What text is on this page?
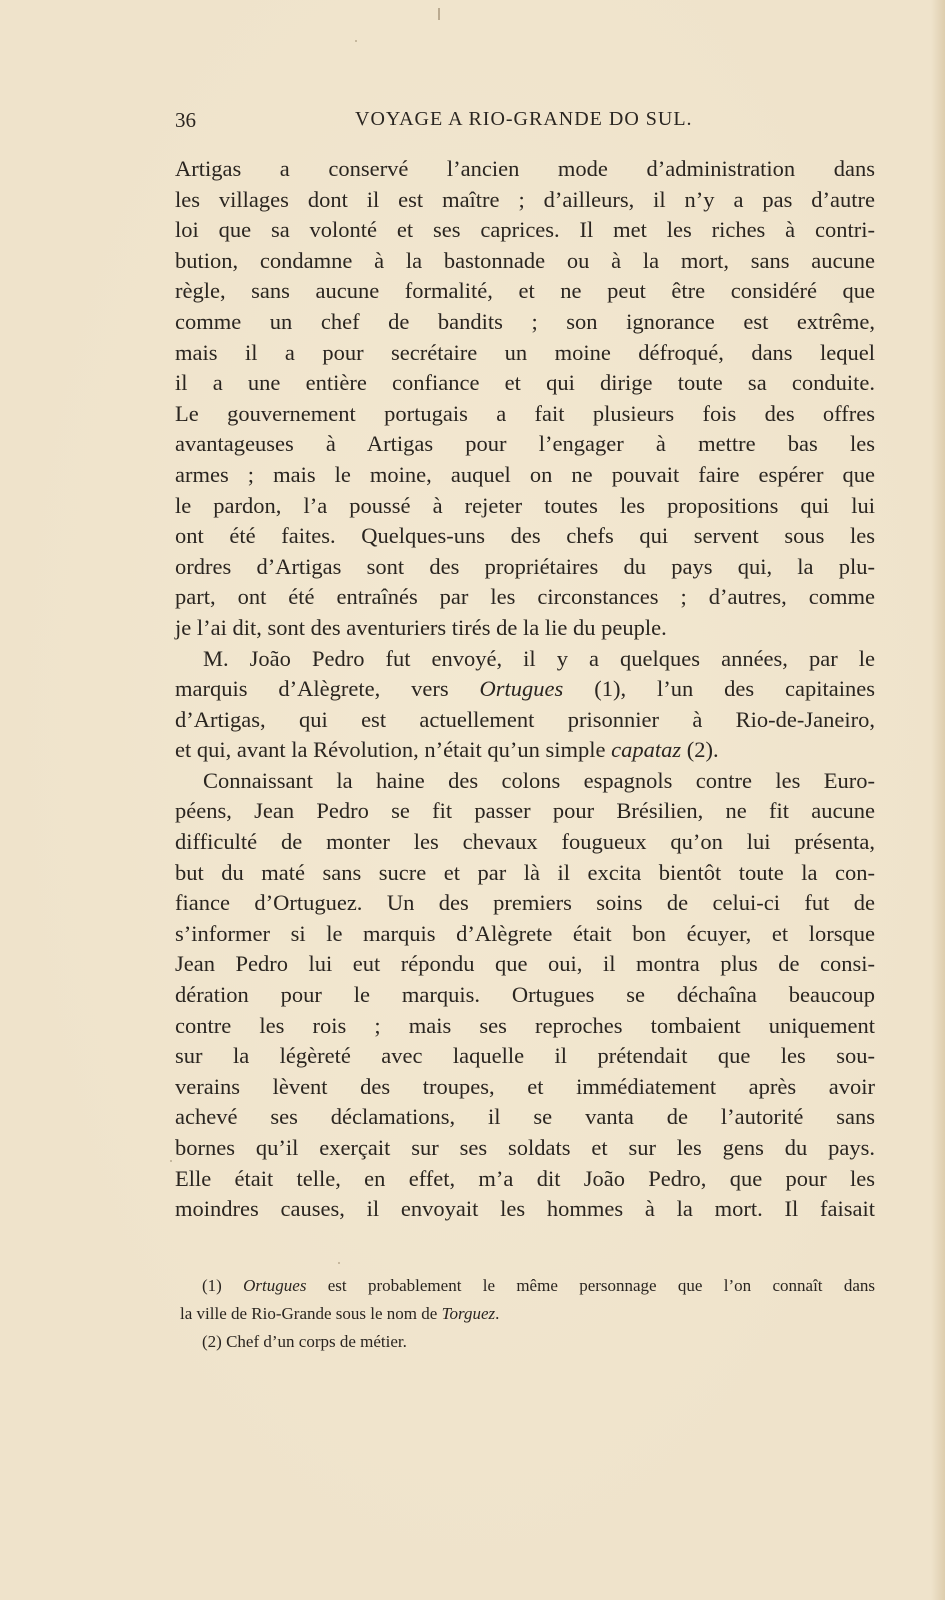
36	VOYAGE A RIO-GRANDE DO SUL.
Artigas a conservé l’ancien mode d’administration dans
les villages dont il est maître ; d’ailleurs, il n’y a pas d’autre
loi que sa volonté et ses caprices. Il met les riches à contri-
bution, condamne à la bastonnade ou à la mort, sans aucune
règle, sans aucune formalité, et ne peut être considéré que
comme un chef de bandits ; son ignorance est extrême,
mais il a pour secrétaire un moine défroqué, dans lequel
il a une entière confiance et qui dirige toute sa conduite.
Le gouvernement portugais a fait plusieurs fois des offres
avantageuses à Artigas pour l’engager à mettre bas les
armes ; mais le moine, auquel on ne pouvait faire espérer que
le pardon, l’a poussé à rejeter toutes les propositions qui lui
ont été faites. Quelques-uns des chefs qui servent sous les
ordres d’Artigas sont des propriétaires du pays qui, la plu-
part, ont été entraînés par les circonstances ; d’autres, comme
je l’ai dit, sont des aventuriers tirés de la lie du peuple.
M. João Pedro fut envoyé, il y a quelques années, par le
marquis d’Alègrete, vers Ortugues (1), l’un des capitaines
d’Artigas, qui est actuellement prisonnier à Rio-de-Janeiro,
et qui, avant la Révolution, n’était qu’un simple capataz (2).
Connaissant la haine des colons espagnols contre les Euro-
péens, Jean Pedro se fit passer pour Brésilien, ne fit aucune
difficulté de monter les chevaux fougueux qu’on lui présenta,
but du maté sans sucre et par là il excita bientôt toute la con-
fiance d’Ortuguez. Un des premiers soins de celui-ci fut de
s’informer si le marquis d’Alègrete était bon écuyer, et lorsque
Jean Pedro lui eut répondu que oui, il montra plus de consi-
dération pour le marquis. Ortugues se déchaîna beaucoup
contre les rois ; mais ses reproches tombaient uniquement
sur la légèreté avec laquelle il prétendait que les sou-
verains lèvent des troupes, et immédiatement après avoir
achevé ses déclamations, il se vanta de l’autorité sans
bornes qu’il exerçait sur ses soldats et sur les gens du pays.
Elle était telle, en effet, m’a dit João Pedro, que pour les
moindres causes, il envoyait les hommes à la mort. Il faisait
(1) Ortugues est probablement le même personnage que l’on connaît dans
la ville de Rio-Grande sous le nom de Torguez.
(2) Chef d’un corps de métier.
